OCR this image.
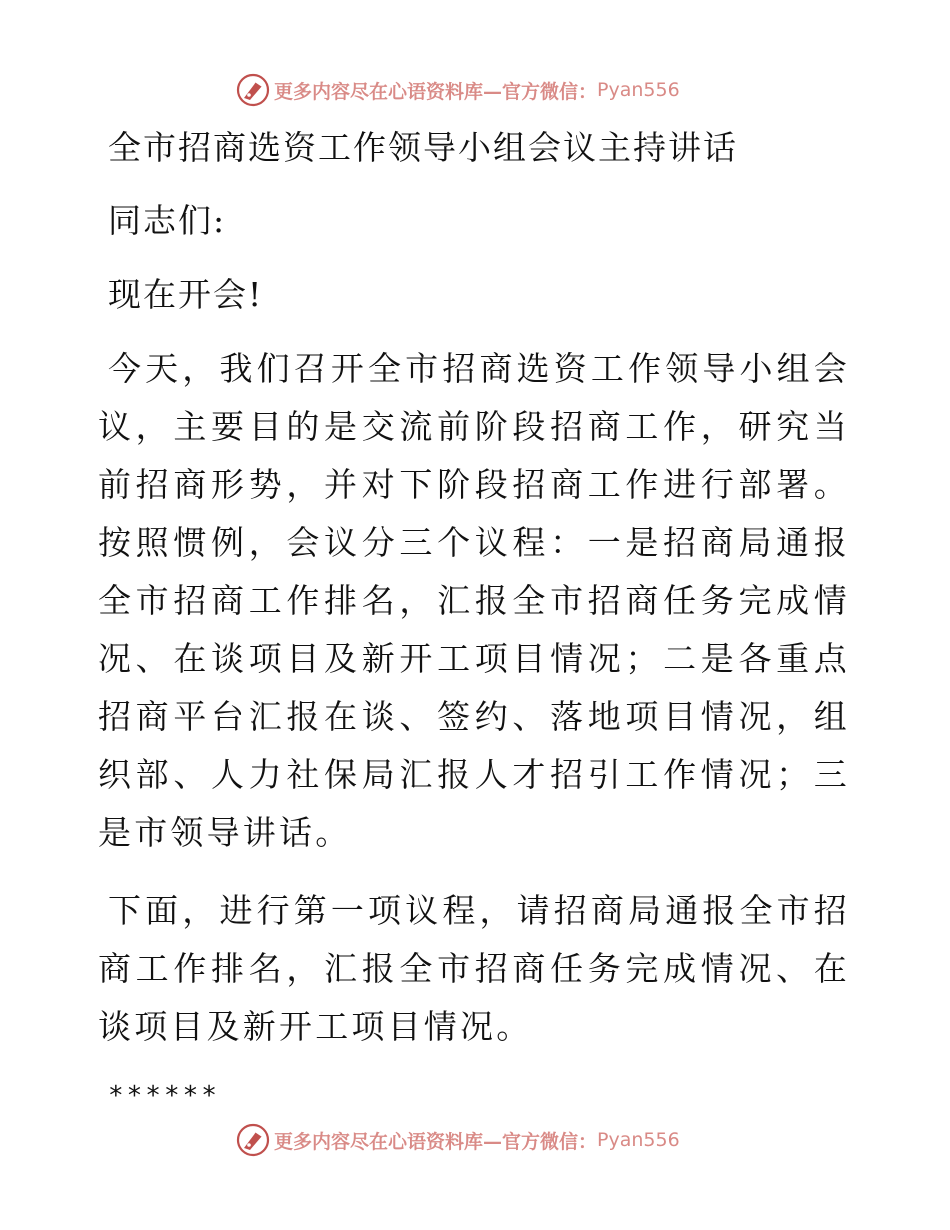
更多内容尽在心语资料库—官方微信： Pyan556
全市招商选资工作领导小组会议主持讲话

同志们:

现在开会!

今天，我们召开全市招商选资工作领导小组会议，主要目的是交流前阶段招商工作，研究当前招商形势，并对下阶段招商工作进行部署。按照惯例，会议分三个议程：一是招商局通报全市招商工作排名，汇报全市招商任务完成情况、在谈项目及新开工项目情况；二是各重点招商平台汇报在谈、签约、落地项目情况，组织部、人力社保局汇报人才招引工作情况；三是市领导讲话。

下面，进行第一项议程，请招商局通报全市招商工作排名，汇报全市招商任务完成情况、在谈项目及新开工项目情况。

******

更多内容尽在心语资料库—官方微信： Pyan556
